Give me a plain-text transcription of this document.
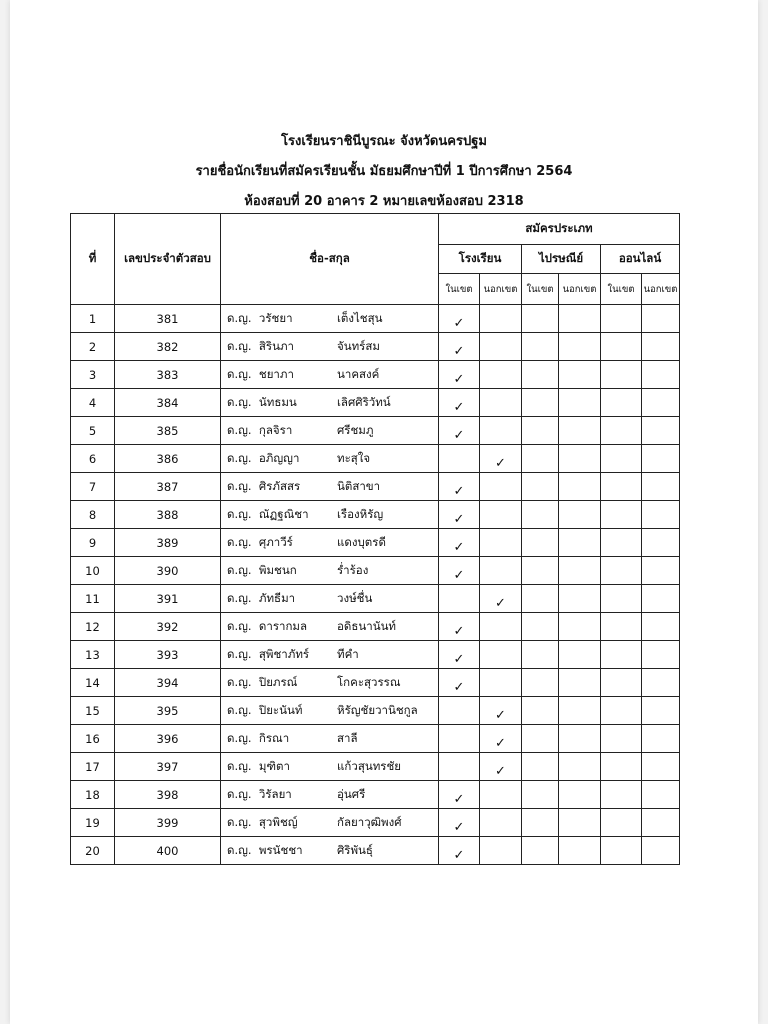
โรงเรียนราชินีบูรณะ จังหวัดนครปฐม
รายชื่อนักเรียนที่สมัครเรียนชั้น มัธยมศึกษาปีที่ 1 ปีการศึกษา 2564
ห้องสอบที่ 20 อาคาร 2 หมายเลขห้องสอบ 2318
ที่	เลขประจำตัวสอบ	ชื่อ-สกุล	สมัครประเภท					
			โรงเรียน		ไปรษณีย์		ออนไลน์	
			ในเขต	นอกเขต	ในเขต	นอกเขต	ในเขต	นอกเขต
1	381	ด.ญ. วรัชยา เต็งไชสุน	✓					
2	382	ด.ญ. สิรินภา จันทร์สม	✓					
3	383	ด.ญ. ชยาภา นาคสงค์	✓					
4	384	ด.ญ. นัทธมน เลิศศิริวัทน์	✓					
5	385	ด.ญ. กุลจิรา ศรีชมภู	✓					
6	386	ด.ญ. อภิญญา ทะสุใจ		✓				
7	387	ด.ญ. ศิรภัสสร นิติสาขา	✓					
8	388	ด.ญ. ณัฏฐณิชา เรืองหิรัญ	✓					
9	389	ด.ญ. ศุภาวีร์ แดงบุตรดี	✓					
10	390	ด.ญ. พิมชนก ร่ำร้อง	✓					
11	391	ด.ญ. ภัทธีมา วงษ์ชื่น		✓				
12	392	ด.ญ. ดารากมล อดิธนานันท์	✓					
13	393	ด.ญ. สุพิชาภัทร์ ทีคำ	✓					
14	394	ด.ญ. ปิยภรณ์ โกคะสุวรรณ	✓					
15	395	ด.ญ. ปิยะนันท์ หิรัญชัยวานิชกูล		✓				
16	396	ด.ญ. กิรณา สาลี		✓				
17	397	ด.ญ. มุฑิตา แก้วสุนทรชัย		✓				
18	398	ด.ญ. วิรัลยา อุ่นศรี	✓					
19	399	ด.ญ. สุวพิชญ์ กัลยาวุฒิพงศ์	✓					
20	400	ด.ญ. พรนัชชา ศิริพันธุ์	✓					
